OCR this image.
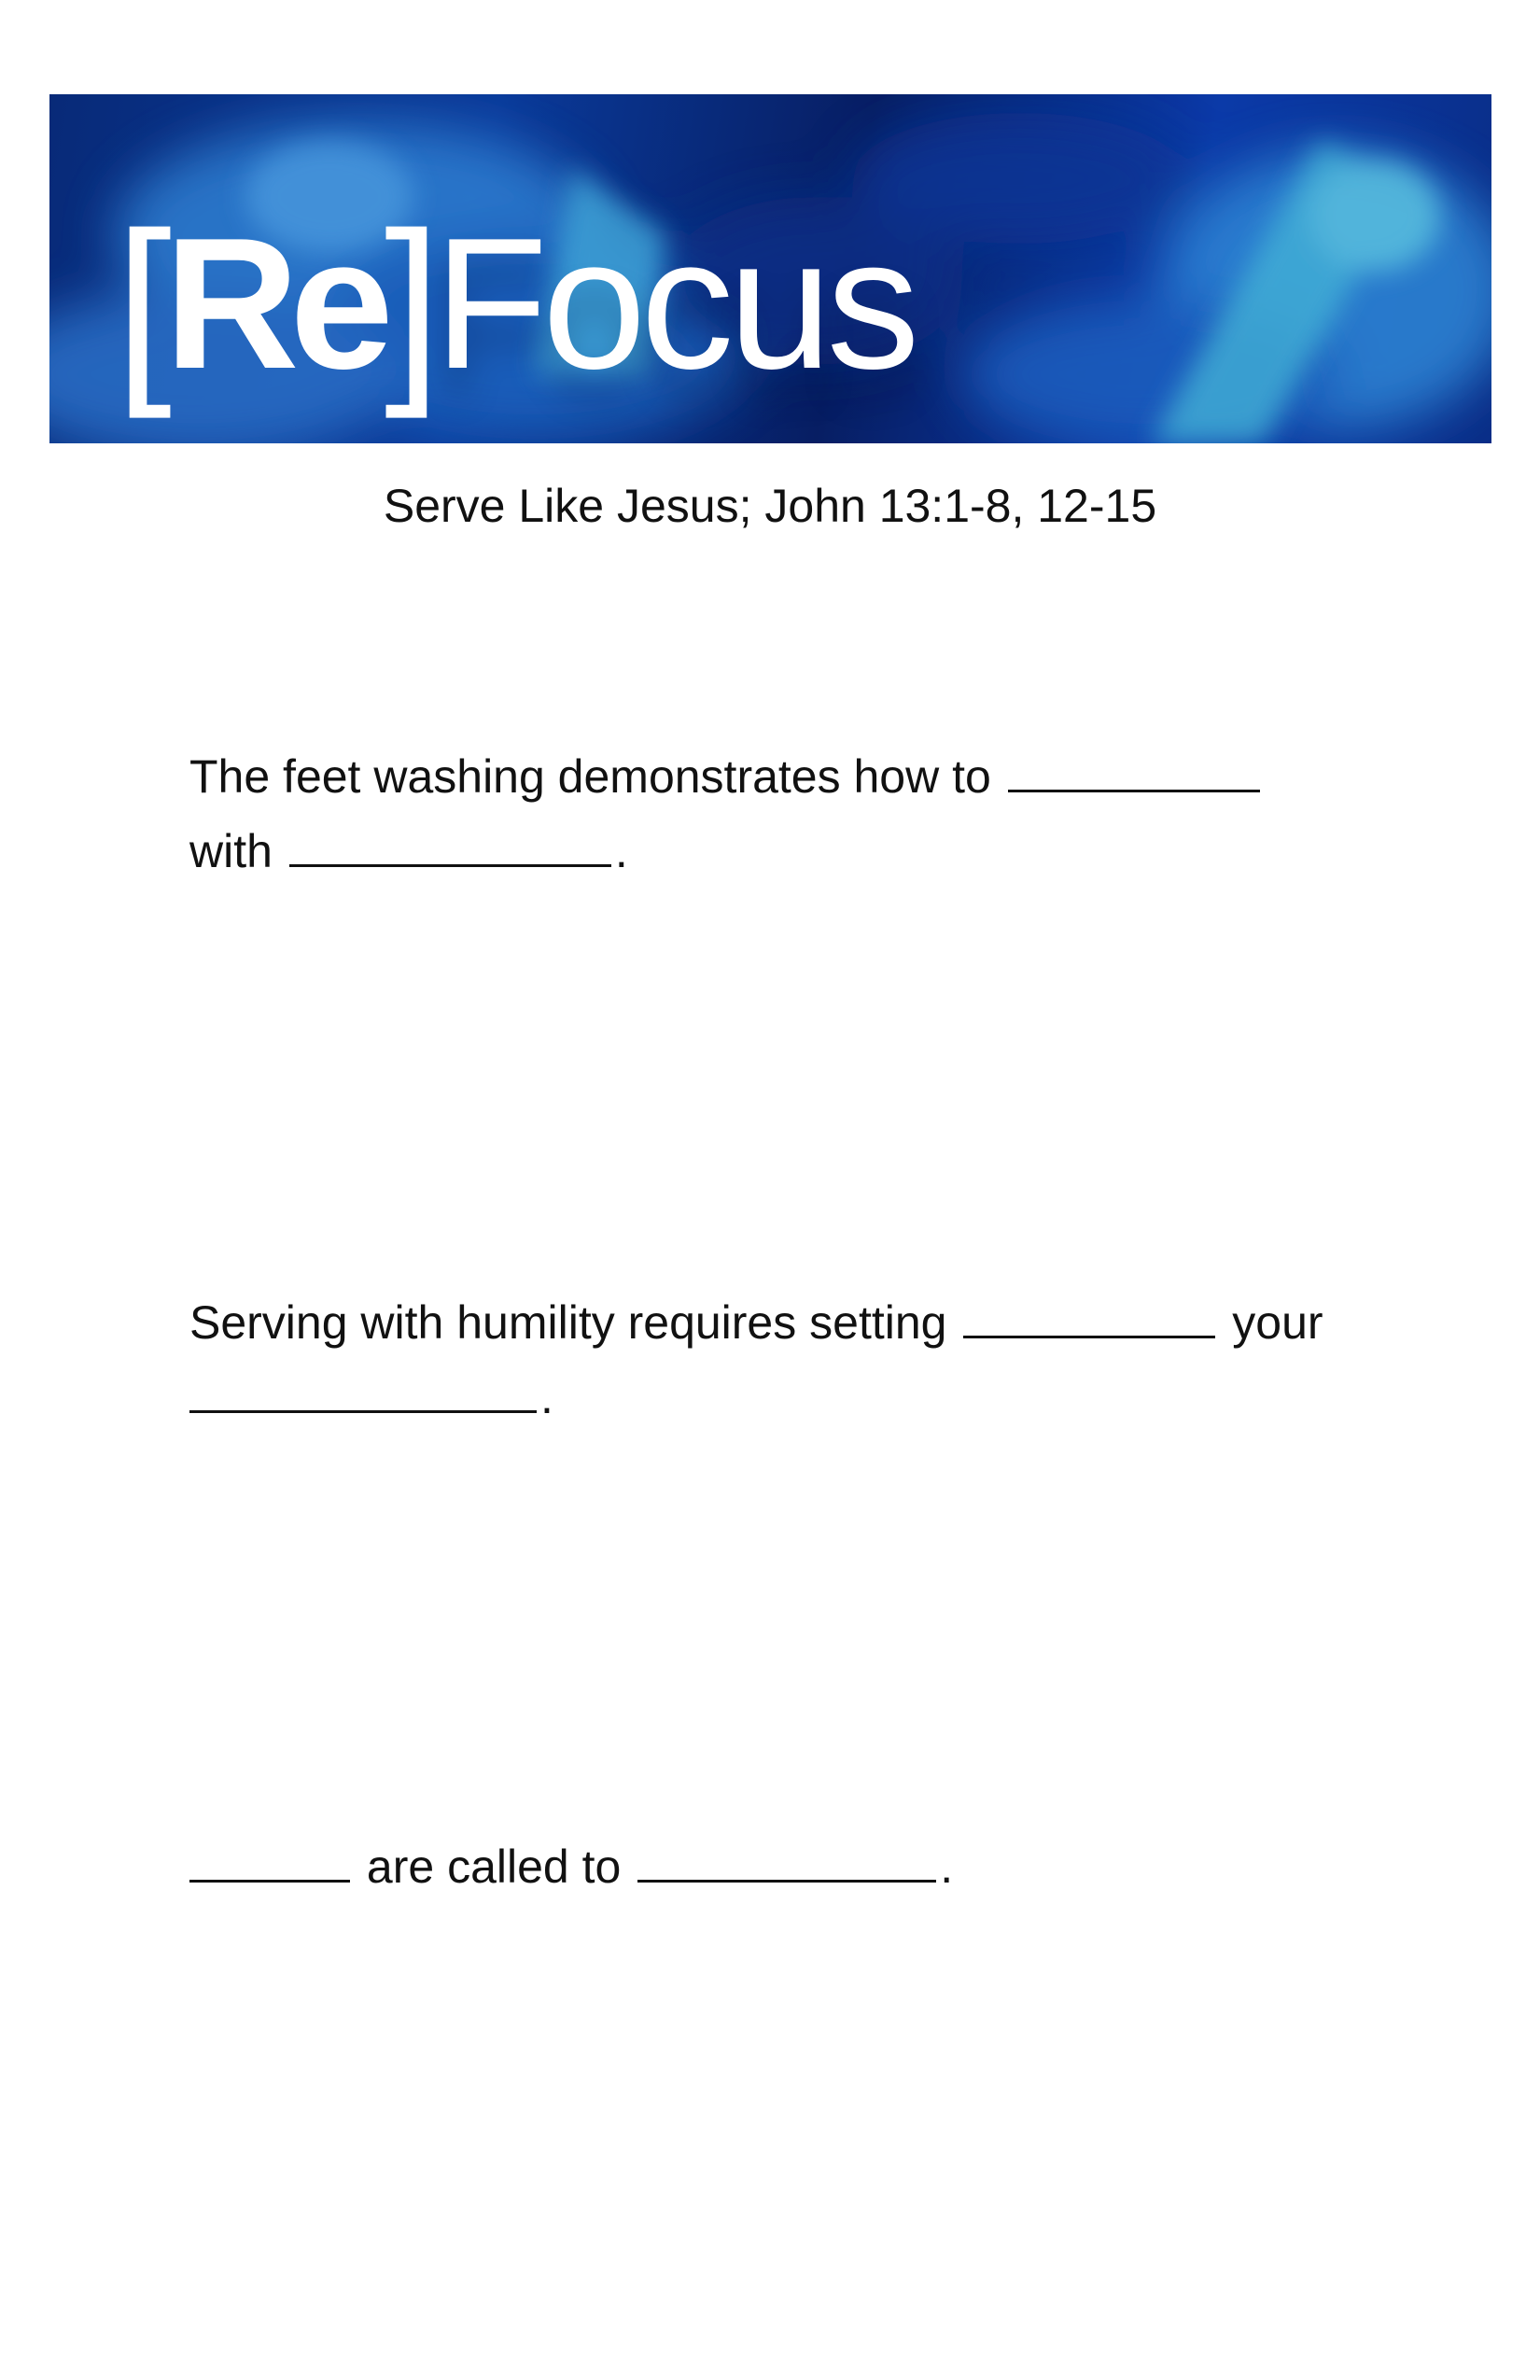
[ Re ] Focus
Serve Like Jesus; John 13:1-8, 12-15
The feet washing demonstrates how to
with	.
Serving with humility requires setting	your
.
are called to	.
